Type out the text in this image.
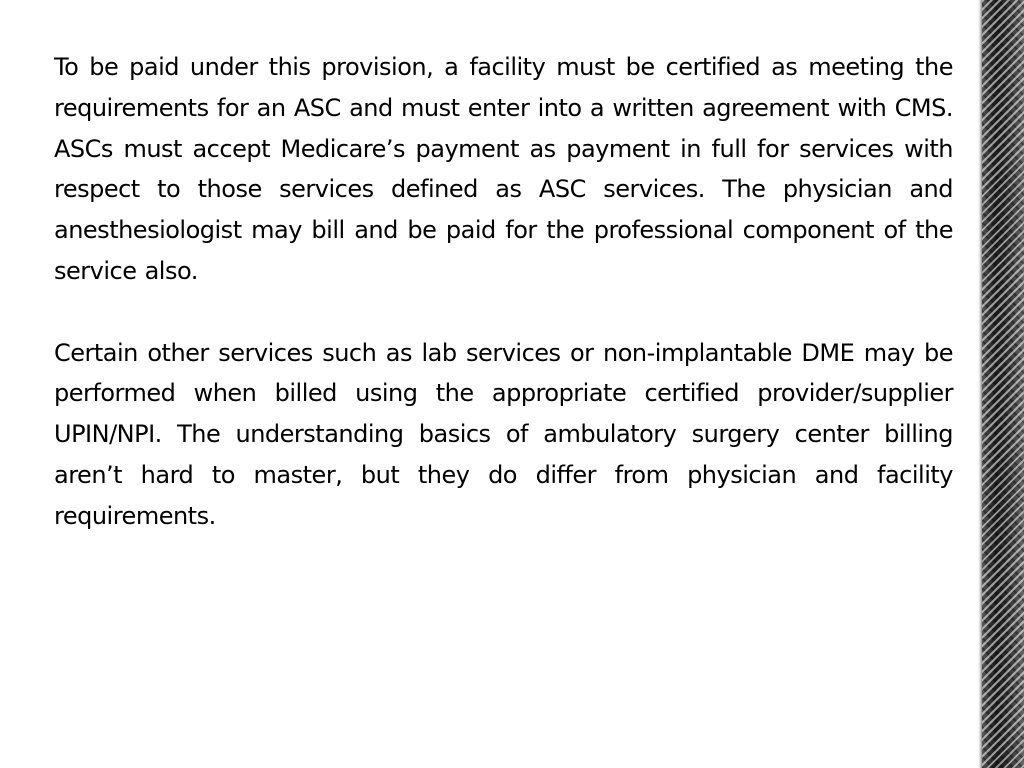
To be paid under this provision, a facility must be certified as meeting the requirements for an ASC and must enter into a written agreement with CMS. ASCs must accept Medicare’s payment as payment in full for services with respect to those services defined as ASC services. The physician and anesthesiologist may bill and be paid for the professional component of the service also.

Certain other services such as lab services or non-implantable DME may be performed when billed using the appropriate certified provider/supplier UPIN/NPI. The understanding basics of ambulatory surgery center billing aren’t hard to master, but they do differ from physician and facility requirements.
